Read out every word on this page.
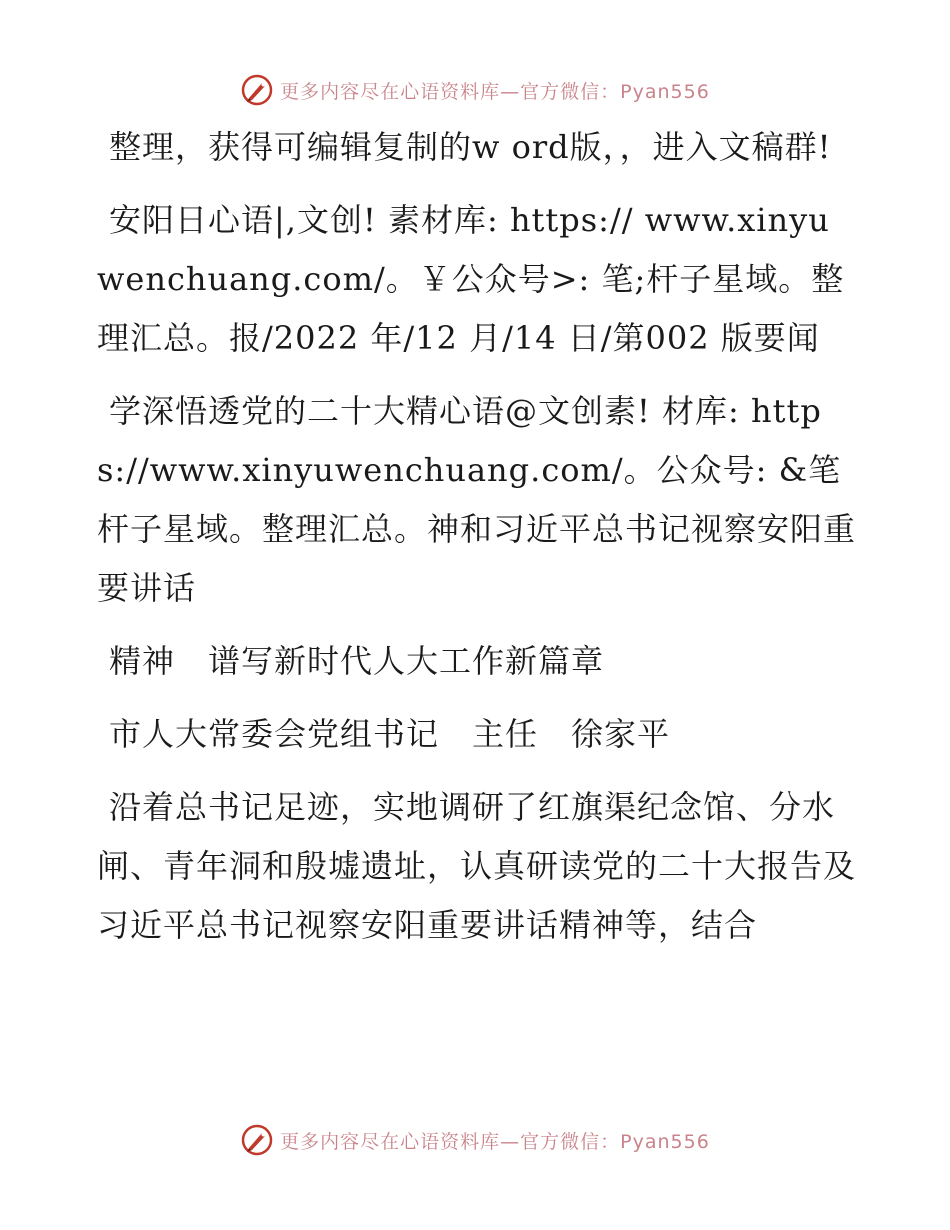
更多内容尽在心语资料库—官方微信：Pyan556

整理，获得可编辑复制的w ord版，，进入文稿群!

安阳日心语|,文创! 素材库: https:// www.xinyuwenchuang.com/。￥公众号>: 笔;杆子星域。整理汇总。报/2022 年/12 月/14 日/第002 版要闻

学深悟透党的二十大精心语@文创素! 材库: https://www.xinyuwenchuang.com/。公众号: &笔杆子星域。整理汇总。神和习近平总书记视察安阳重要讲话

精神　谱写新时代人大工作新篇章

市人大常委会党组书记　主任　徐家平

沿着总书记足迹，实地调研了红旗渠纪念馆、分水闸、青年洞和殷墟遗址，认真研读党的二十大报告及习近平总书记视察安阳重要讲话精神等，结合

更多内容尽在心语资料库—官方微信：Pyan556
